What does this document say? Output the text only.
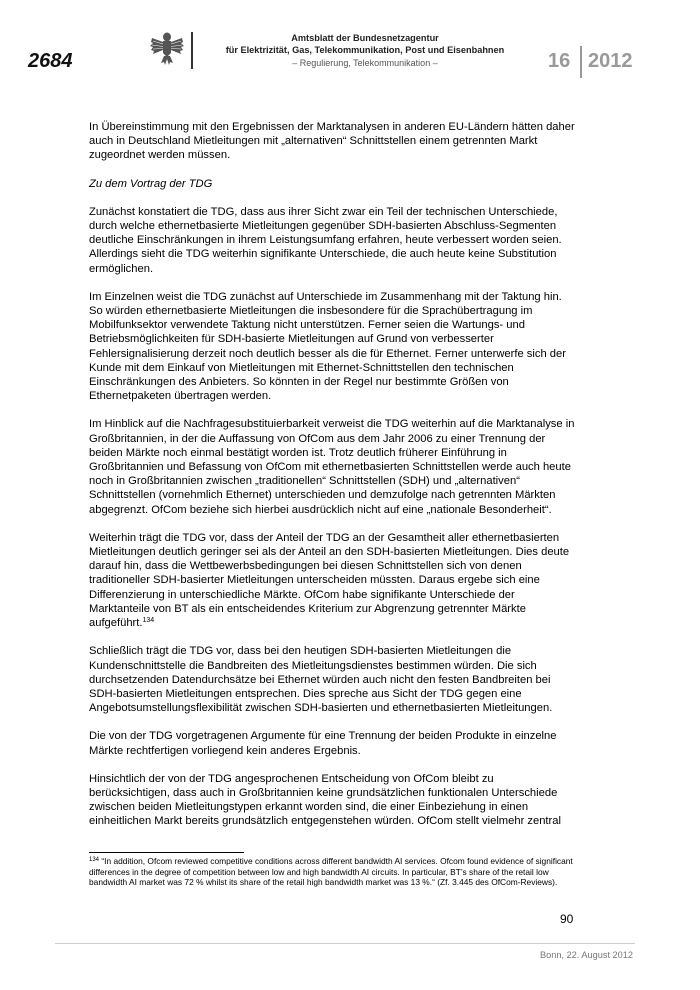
2684
Amtsblatt der Bundesnetzagentur
für Elektrizität, Gas, Telekommunikation, Post und Eisenbahnen
– Regulierung, Telekommunikation –	16 2012

In Übereinstimmung mit den Ergebnissen der Marktanalysen in anderen EU-Ländern hätten daher auch in Deutschland Mietleitungen mit „alternativen“ Schnittstellen einem getrennten Markt zugeordnet werden müssen.

Zu dem Vortrag der TDG

Zunächst konstatiert die TDG, dass aus ihrer Sicht zwar ein Teil der technischen Unterschiede, durch welche ethernetbasierte Mietleitungen gegenüber SDH-basierten Abschluss-Segmenten deutliche Einschränkungen in ihrem Leistungsumfang erfahren, heute verbessert worden seien. Allerdings sieht die TDG weiterhin signifikante Unterschiede, die auch heute keine Substitution ermöglichen.

Im Einzelnen weist die TDG zunächst auf Unterschiede im Zusammenhang mit der Taktung hin. So würden ethernetbasierte Mietleitungen die insbesondere für die Sprachübertragung im Mobilfunksektor verwendete Taktung nicht unterstützen. Ferner seien die Wartungs- und Betriebsmöglichkeiten für SDH-basierte Mietleitungen auf Grund von verbesserter Fehlersignalisierung derzeit noch deutlich besser als die für Ethernet. Ferner unterwerfe sich der Kunde mit dem Einkauf von Mietleitungen mit Ethernet-Schnittstellen den technischen Einschränkungen des Anbieters. So könnten in der Regel nur bestimmte Größen von Ethernetpaketen übertragen werden.

Im Hinblick auf die Nachfragesubstituierbarkeit verweist die TDG weiterhin auf die Marktanalyse in Großbritannien, in der die Auffassung von OfCom aus dem Jahr 2006 zu einer Trennung der beiden Märkte noch einmal bestätigt worden ist. Trotz deutlich früherer Einführung in Großbritannien und Befassung von OfCom mit ethernetbasierten Schnittstellen werde auch heute noch in Großbritannien zwischen „traditionellen“ Schnittstellen (SDH) und „alternativen“ Schnittstellen (vornehmlich Ethernet) unterschieden und demzufolge nach getrennten Märkten abgegrenzt. OfCom beziehe sich hierbei ausdrücklich nicht auf eine „nationale Besonderheit“.

Weiterhin trägt die TDG vor, dass der Anteil der TDG an der Gesamtheit aller ethernetbasierten Mietleitungen deutlich geringer sei als der Anteil an den SDH-basierten Mietleitungen. Dies deute darauf hin, dass die Wettbewerbsbedingungen bei diesen Schnittstellen sich von denen traditioneller SDH-basierter Mietleitungen unterscheiden müssten. Daraus ergebe sich eine Differenzierung in unterschiedliche Märkte. OfCom habe signifikante Unterschiede der Marktanteile von BT als ein entscheidendes Kriterium zur Abgrenzung getrennter Märkte aufgeführt.$^{134}$

Schließlich trägt die TDG vor, dass bei den heutigen SDH-basierten Mietleitungen die Kundenschnittstelle die Bandbreiten des Mietleitungsdienstes bestimmen würden. Die sich durchsetzenden Datendurchsätze bei Ethernet würden auch nicht den festen Bandbreiten bei SDH-basierten Mietleitungen entsprechen. Dies spreche aus Sicht der TDG gegen eine Angebotsumstellungsflexibilität zwischen SDH-basierten und ethernetbasierten Mietleitungen.

Die von der TDG vorgetragenen Argumente für eine Trennung der beiden Produkte in einzelne Märkte rechtfertigen vorliegend kein anderes Ergebnis.

Hinsichtlich der von der TDG angesprochenen Entscheidung von OfCom bleibt zu berücksichtigen, dass auch in Großbritannien keine grundsätzlichen funktionalen Unterschiede zwischen beiden Mietleitungstypen erkannt worden sind, die einer Einbeziehung in einen einheitlichen Markt bereits grundsätzlich entgegenstehen würden. OfCom stellt vielmehr zentral

$^{134}$ “In addition, Ofcom reviewed competitive conditions across different bandwidth AI services. Ofcom found evidence of significant differences in the degree of competition between low and high bandwidth AI circuits. In particular, BT’s share of the retail low bandwidth AI market was 72 % whilst its share of the retail high bandwidth market was 13 %.“ (Zf. 3.445 des OfCom-Reviews).
90
Bonn, 22. August 2012
